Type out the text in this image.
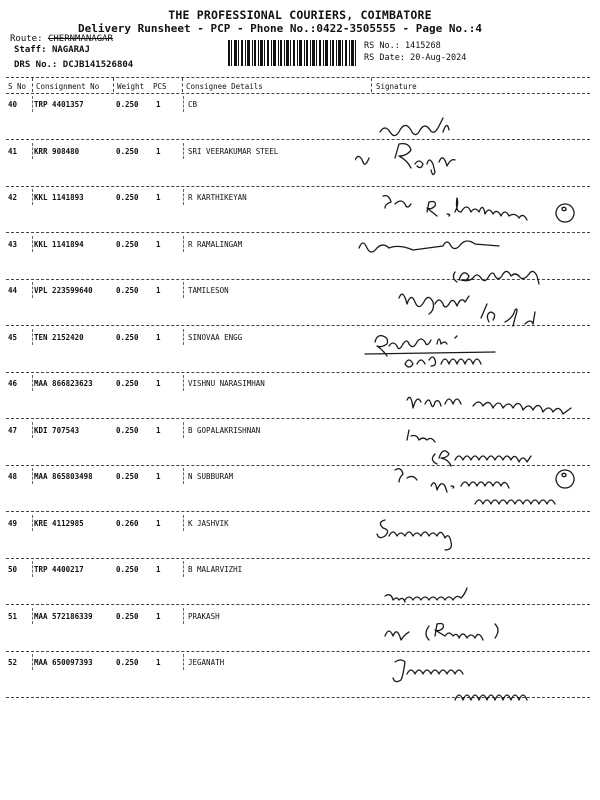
THE PROFESSIONAL COURIERS, COIMBATORE
Delivery Runsheet - PCP - Phone No.:0422-3505555 - Page No.:4
Route: CHERNMANAGAR
Staff: NAGARAJ
DRS No.: DCJB141526804
RS No.: 1415268
RS Date: 20-Aug-2024
S No Consignment No Weight PCS	Consignee Details	Signature
40 TRP 4401357	0.250 1	CB
41 KRR 908480	0.250 1	SRI VEERAKUMAR STEEL
42 KKL 1141893	0.250 1	R KARTHIKEYAN
43 KKL 1141894	0.250 1	R RAMALINGAM
44 VPL 223599640	0.250 1	TAMILESON
45 TEN 2152420	0.250 1	SINOVAA ENGG
46 MAA 866823623	0.250 1	VISHNU NARASIMHAN
47 KDI 707543	0.250 1	B GOPALAKRISHNAN
48 MAA 865803498	0.250 1	N SUBBURAM
49 KRE 4112985	0.260 1	K JASHVIK
50 TRP 4400217	0.250 1	B MALARVIZHI
51 MAA 572186339	0.250 1	PRAKASH
52 MAA 650097393	0.250 1	JEGANATH
